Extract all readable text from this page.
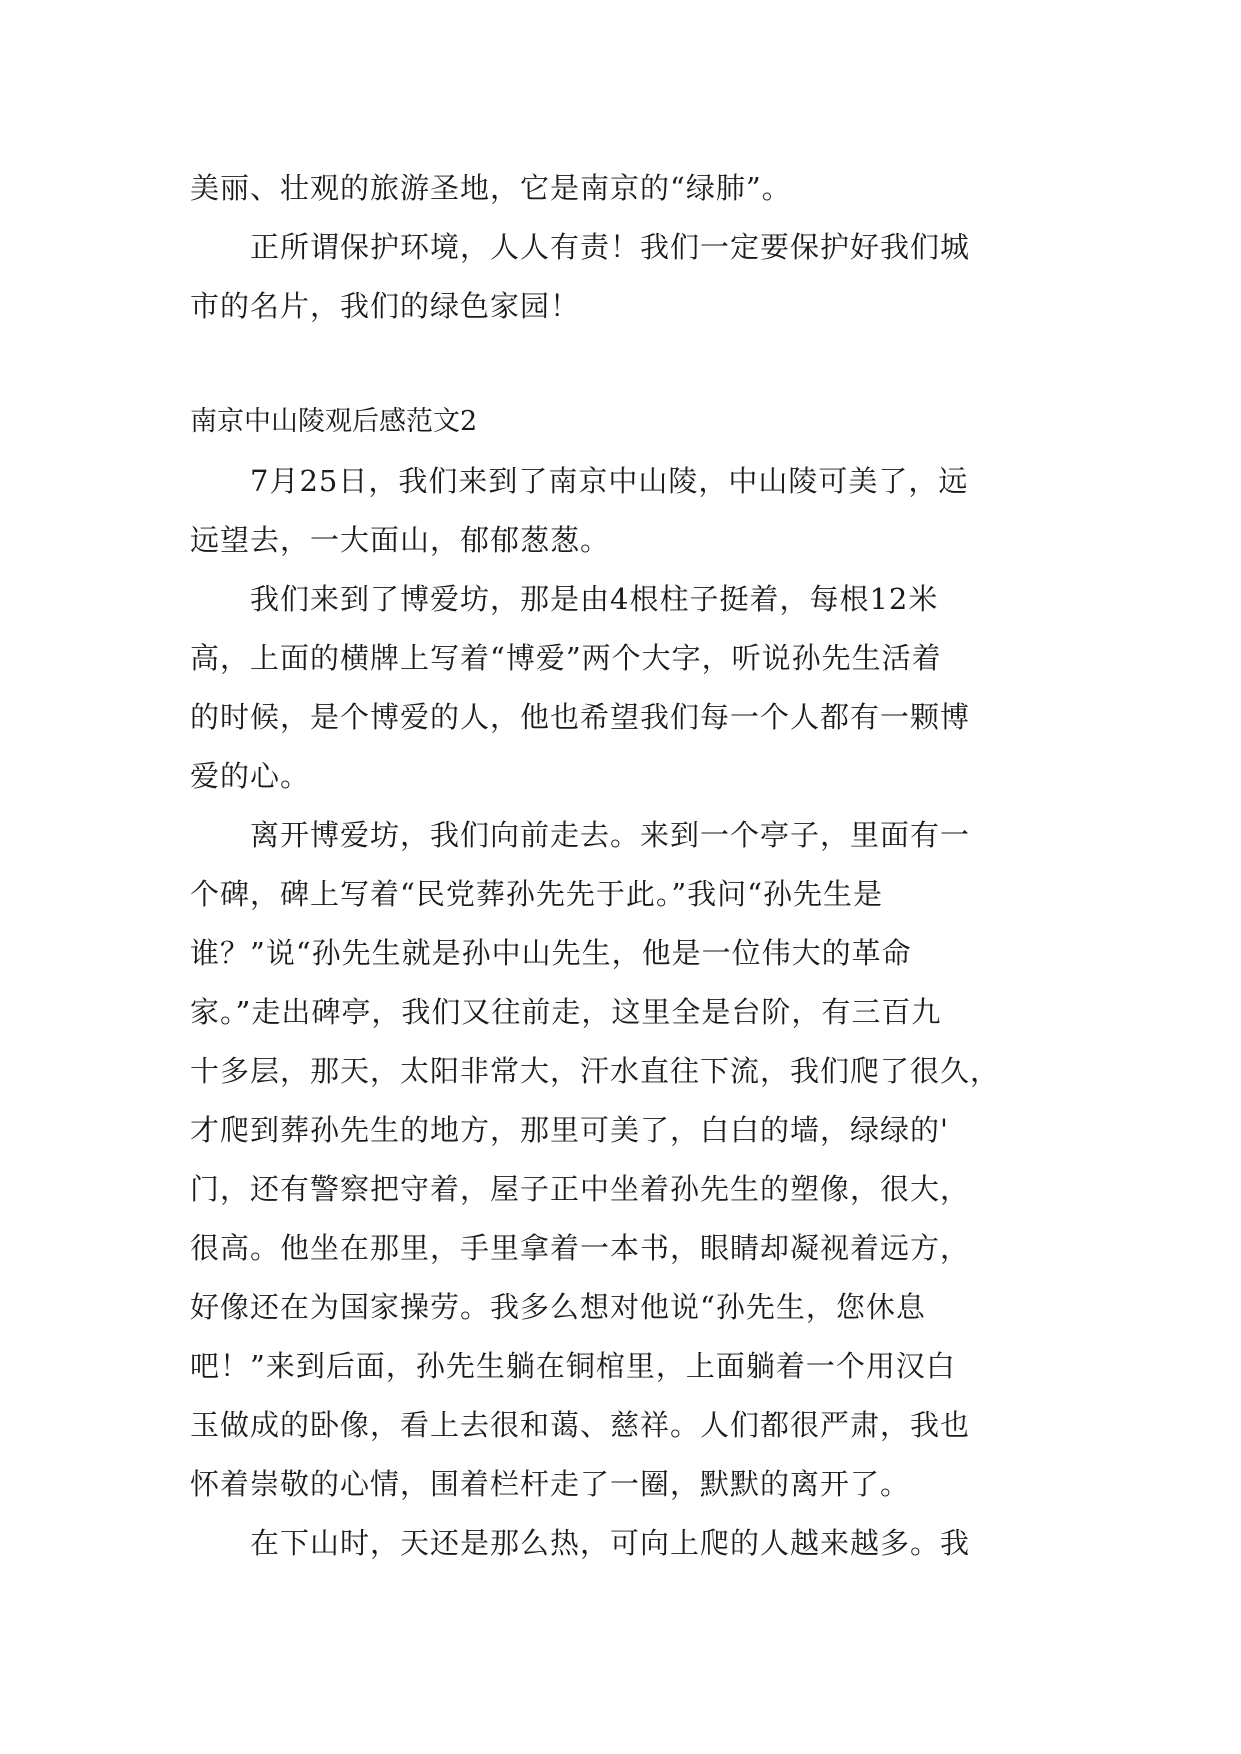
美丽、壮观的旅游圣地，它是南京的“绿肺”。
　　正所谓保护环境，人人有责！我们一定要保护好我们城
市的名片，我们的绿色家园！
南京中山陵观后感范文2
　　7月25日，我们来到了南京中山陵，中山陵可美了，远
远望去，一大面山，郁郁葱葱。
　　我们来到了博爱坊，那是由4根柱子挺着，每根12米
高，上面的横牌上写着“博爱”两个大字，听说孙先生活着
的时候，是个博爱的人，他也希望我们每一个人都有一颗博
爱的心。
　　离开博爱坊，我们向前走去。来到一个亭子，里面有一
个碑，碑上写着“民党葬孙先先于此。”我问“孙先生是
谁？”说“孙先生就是孙中山先生，他是一位伟大的革命
家。”走出碑亭，我们又往前走，这里全是台阶，有三百九
十多层，那天，太阳非常大，汗水直往下流，我们爬了很久，
才爬到葬孙先生的地方，那里可美了，白白的墙，绿绿的'
门，还有警察把守着，屋子正中坐着孙先生的塑像，很大，
很高。他坐在那里，手里拿着一本书，眼睛却凝视着远方，
好像还在为国家操劳。我多么想对他说“孙先生，您休息
吧！”来到后面，孙先生躺在铜棺里，上面躺着一个用汉白
玉做成的卧像，看上去很和蔼、慈祥。人们都很严肃，我也
怀着崇敬的心情，围着栏杆走了一圈，默默的离开了。
　　在下山时，天还是那么热，可向上爬的人越来越多。我
